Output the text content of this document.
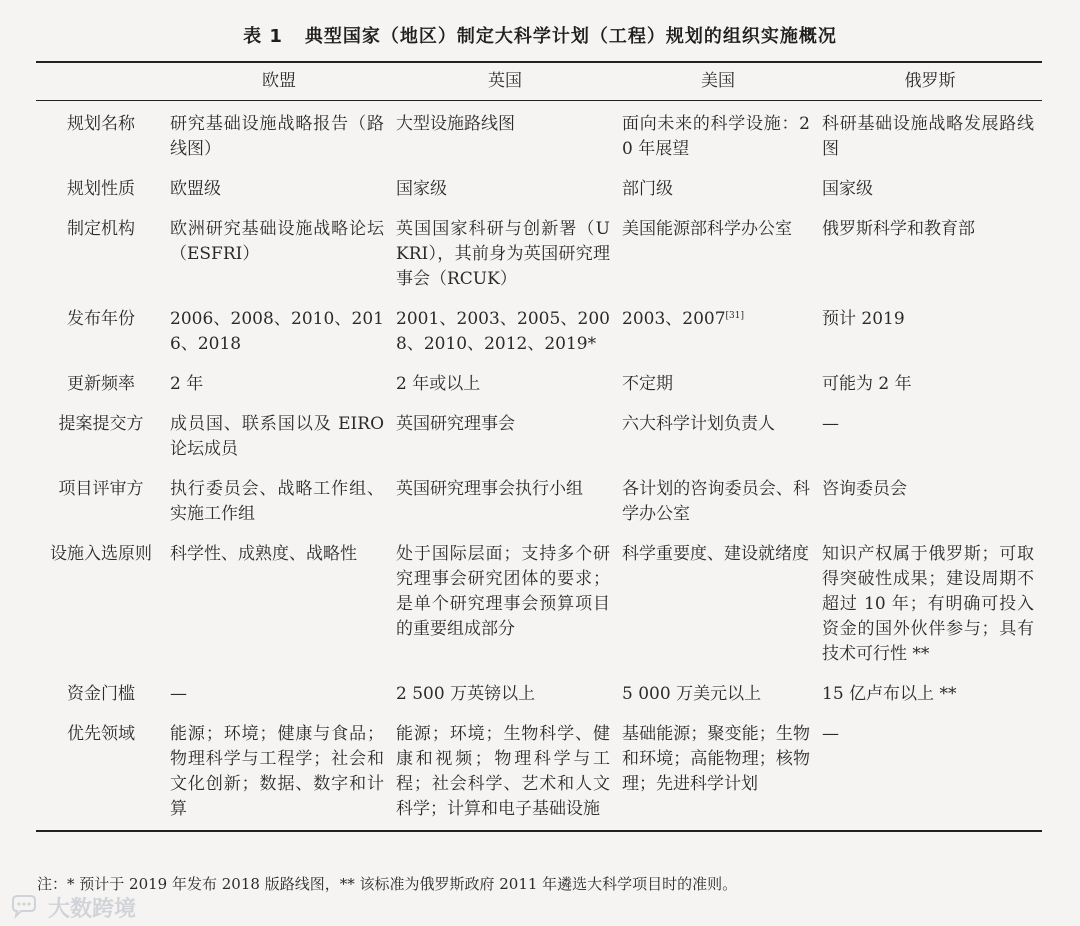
表 1 典型国家（地区）制定大科学计划（工程）规划的组织实施概况
	欧盟	英国	美国	俄罗斯
规划名称	研究基础设施战略报告（路线图）	大型设施路线图	面向未来的科学设施：20 年展望	科研基础设施战略发展路线图
规划性质	欧盟级	国家级	部门级	国家级
制定机构	欧洲研究基础设施战略论坛（ESFRI）	英国国家科研与创新署（UKRI），其前身为英国研究理事会（RCUK）	美国能源部科学办公室	俄罗斯科学和教育部
发布年份	2006、2008、2010、2016、2018	2001、2003、2005、2008、2010、2012、2019*	2003、2007[31]	预计 2019
更新频率	2 年	2 年或以上	不定期	可能为 2 年
提案提交方	成员国、联系国以及 EIRO 论坛成员	英国研究理事会	六大科学计划负责人	—
项目评审方	执行委员会、战略工作组、实施工作组	英国研究理事会执行小组	各计划的咨询委员会、科学办公室	咨询委员会
设施入选原则	科学性、成熟度、战略性	处于国际层面；支持多个研究理事会研究团体的要求；是单个研究理事会预算项目的重要组成部分	科学重要度、建设就绪度	知识产权属于俄罗斯；可取得突破性成果；建设周期不超过 10 年；有明确可投入资金的国外伙伴参与；具有技术可行性 **
资金门槛	—	2 500 万英镑以上	5 000 万美元以上	15 亿卢布以上 **
优先领域	能源；环境；健康与食品；物理科学与工程学；社会和文化创新；数据、数字和计算	能源；环境；生物科学、健康和视频；物理科学与工程；社会科学、艺术和人文科学；计算和电子基础设施	基础能源；聚变能；生物和环境；高能物理；核物理；先进科学计划	—
注：* 预计于 2019 年发布 2018 版路线图，** 该标准为俄罗斯政府 2011 年遴选大科学项目时的准则。
大数跨境
